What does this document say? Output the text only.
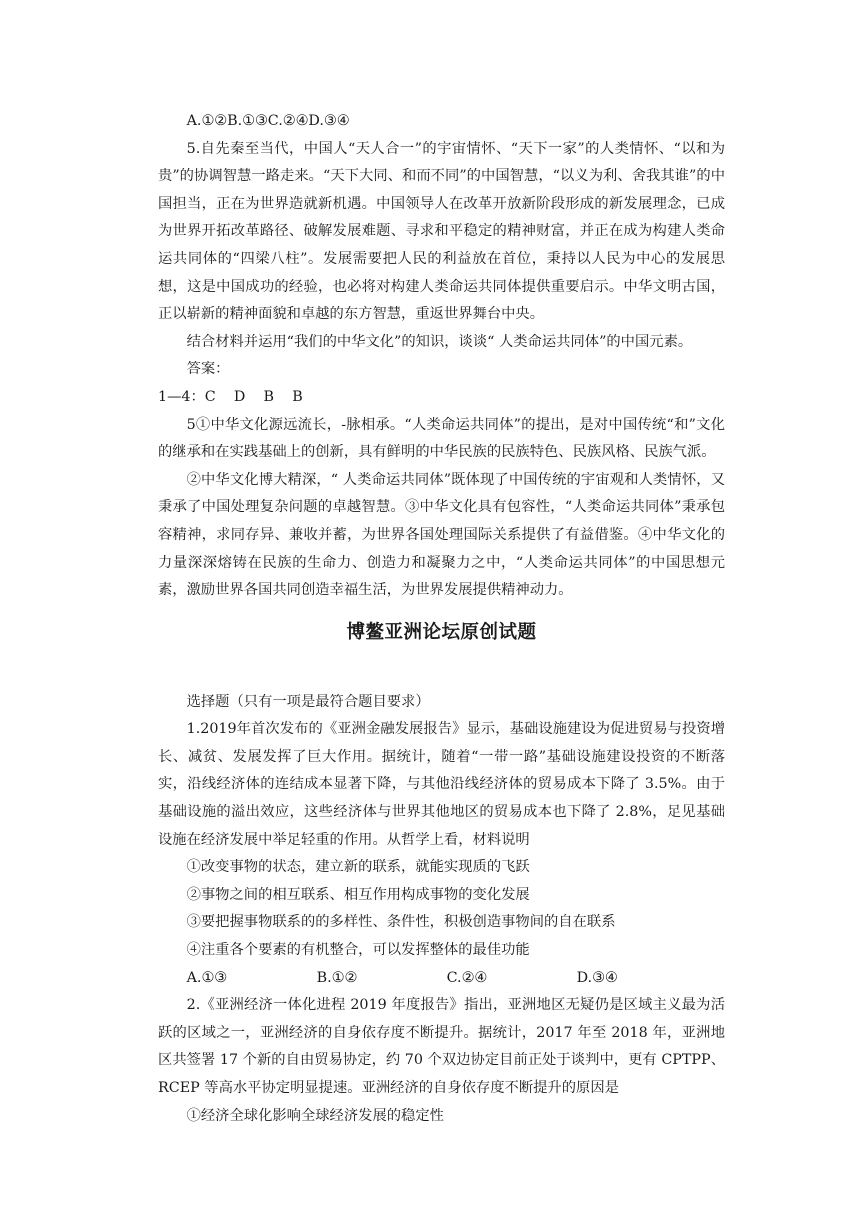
A.①②B.①③C.②④D.③④

5.自先秦至当代，中国人“天人合一”的宇宙情怀、“天下一家”的人类情怀、“以和为贵”的协调智慧一路走来。“天下大同、和而不同”的中国智慧，“以义为利、舍我其谁”的中国担当，正在为世界造就新机遇。中国领导人在改革开放新阶段形成的新发展理念，已成为世界开拓改革路径、破解发展难题、寻求和平稳定的精神财富，并正在成为构建人类命运共同体的“四梁八柱”。发展需要把人民的利益放在首位，秉持以人民为中心的发展思想，这是中国成功的经验，也必将对构建人类命运共同体提供重要启示。中华文明古国，正以崭新的精神面貌和卓越的东方智慧，重返世界舞台中央。

结合材料并运用“我们的中华文化”的知识，谈谈“ 人类命运共同体”的中国元素。

答案：

1—4：C    D    B    B

5①中华文化源远流长，-脉相承。“人类命运共同体”的提出，是对中国传统“和”文化的继承和在实践基础上的创新，具有鲜明的中华民族的民族特色、民族风格、民族气派。

②中华文化博大精深，“ 人类命运共同体”既体现了中国传统的宇宙观和人类情怀，又秉承了中国处理复杂问题的卓越智慧。③中华文化具有包容性，“人类命运共同体”秉承包容精神，求同存异、兼收并蓄，为世界各国处理国际关系提供了有益借鉴。④中华文化的力量深深熔铸在民族的生命力、创造力和凝聚力之中，“人类命运共同体”的中国思想元素，激励世界各国共同创造幸福生活，为世界发展提供精神动力。

博鳌亚洲论坛原创试题

选择题（只有一项是最符合题目要求）

1.2019年首次发布的《亚洲金融发展报告》显示，基础设施建设为促进贸易与投资增长、减贫、发展发挥了巨大作用。据统计，随着“一带一路”基础设施建设投资的不断落实，沿线经济体的连结成本显著下降，与其他沿线经济体的贸易成本下降了 3.5%。由于基础设施的溢出效应，这些经济体与世界其他地区的贸易成本也下降了 2.8%，足见基础设施在经济发展中举足轻重的作用。从哲学上看，材料说明

①改变事物的状态，建立新的联系，就能实现质的飞跃

②事物之间的相互联系、相互作用构成事物的变化发展

③要把握事物联系的的多样性、条件性，积极创造事物间的自在联系

④注重各个要素的有机整合，可以发挥整体的最佳功能

A.①③	B.①②	C.②④	D.③④

2.《亚洲经济一体化进程 2019 年度报告》指出，亚洲地区无疑仍是区域主义最为活跃的区域之一，亚洲经济的自身依存度不断提升。据统计，2017 年至 2018 年，亚洲地区共签署 17 个新的自由贸易协定，约 70 个双边协定目前正处于谈判中，更有 CPTPP、RCEP 等高水平协定明显提速。亚洲经济的自身依存度不断提升的原因是

①经济全球化影响全球经济发展的稳定性
